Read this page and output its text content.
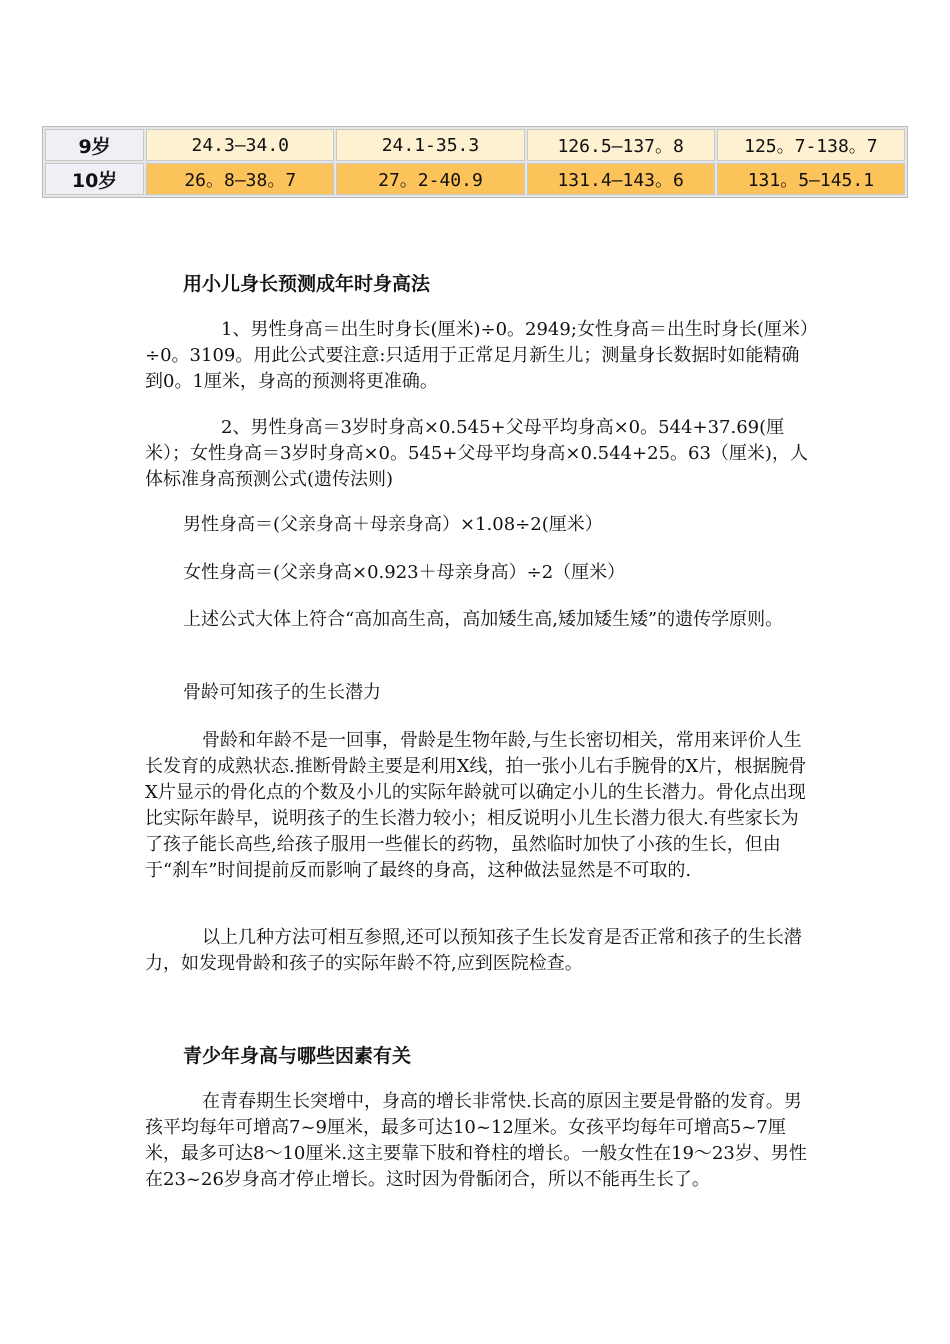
9岁	24.3—34.0	24.1-35.3	126.5—137。8	125。7-138。7
10岁	26。8—38。7	27。2-40.9	131.4—143。6	131。5—145.1
用小儿身长预测成年时身高法

1、男性身高＝出生时身长(厘米)÷0。2949;女性身高＝出生时身长(厘米）÷0。3109。用此公式要注意:只适用于正常足月新生儿；测量身长数据时如能精确到0。1厘米，身高的预测将更准确。

2、男性身高＝3岁时身高×0.545+父母平均身高×0。544+37.69(厘米）；女性身高＝3岁时身高×0。545+父母平均身高×0.544+25。63（厘米)，人体标准身高预测公式(遗传法则)

男性身高＝(父亲身高＋母亲身高）×1.08÷2(厘米）

女性身高＝(父亲身高×0.923＋母亲身高）÷2（厘米）

上述公式大体上符合“高加高生高，高加矮生高,矮加矮生矮”的遗传学原则。

骨龄可知孩子的生长潜力

骨龄和年龄不是一回事，骨龄是生物年龄,与生长密切相关，常用来评价人生长发育的成熟状态.推断骨龄主要是利用X线，拍一张小儿右手腕骨的X片，根据腕骨X片显示的骨化点的个数及小儿的实际年龄就可以确定小儿的生长潜力。骨化点出现比实际年龄早，说明孩子的生长潜力较小；相反说明小儿生长潜力很大.有些家长为了孩子能长高些,给孩子服用一些催长的药物，虽然临时加快了小孩的生长，但由于“刹车”时间提前反而影响了最终的身高，这种做法显然是不可取的.

以上几种方法可相互参照,还可以预知孩子生长发育是否正常和孩子的生长潜力，如发现骨龄和孩子的实际年龄不符,应到医院检查。

青少年身高与哪些因素有关

在青春期生长突增中，身高的增长非常快.长高的原因主要是骨骼的发育。男孩平均每年可增高7~9厘米，最多可达10~12厘米。女孩平均每年可增高5~7厘米，最多可达8～10厘米.这主要靠下肢和脊柱的增长。一般女性在19～23岁、男性在23~26岁身高才停止增长。这时因为骨骺闭合，所以不能再生长了。
